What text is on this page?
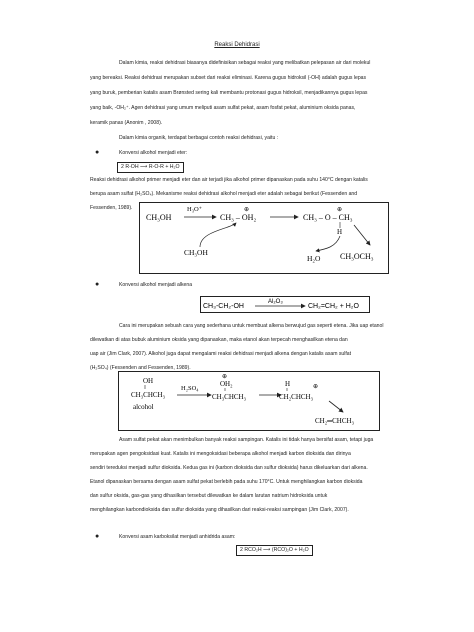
Reaksi Dehidrasi
Dalam kimia, reaksi dehidrasi biasanya didefinisikan sebagai reaksi yang melibatkan pelepasan air dari molekul
yang bereaksi. Reaksi dehidrasi merupakan subset dari reaksi eliminasi. Karena gugus hidroksil (-OH) adalah gugus lepas
yang buruk, pemberian katalis asam Brønsted sering kali membantu protonasi gugus hidroksil, menjadikannya gugus lepas
yang baik, -OH₂⁺. Agen dehidrasi yang umum meliputi asam sulfat pekat, asam fosfat pekat, aluminium oksida panas,
keramik panas (Anonim , 2008).
Dalam kimia organik, terdapat berbagai contoh reaksi dehidrasi, yaitu :
●	Konversi alkohol menjadi eter:
2 R-OH ⟶ R-O-R + H₂O
Reaksi dehidrasi alkohol primer menjadi eter dan air terjadi jika alkohol primer dipanaskan pada suhu 140°C dengan katalis
berupa asam sulfat (H₂SO₄). Mekanisme reaksi dehidrasi alkohol menjadi eter adalah sebagai berikut (Fessenden and
Fessenden, 1989).
CH₃OH
H₃O⁺
CH₃ – OH₂
⊕
CH₃OH
CH₃ – O – CH₃
⊕
H
H₂O CH₃OCH₃
●	Konversi alkohol menjadi alkena
CH₃-CH₂-OH
Al₂O₃
CH₂=CH₂ + H₂O
Cara ini merupakan sebuah cara yang sederhana untuk membuat alkena berwujud gas seperti etena. Jika uap etanol
dilewatkan di atas bubuk aluminium oksida yang dipanaskan, maka etanol akan terpecah menghasilkan etena dan
uap air (Jim Clark, 2007). Alkohol juga dapat mengalami reaksi dehidrasi menjadi alkena dengan katalis asam sulfat
(H₂SO₄) (Fessenden and Fessenden, 1989).
OH
CH₃CHCH₃
alcohol
H₂SO₄
⊕
OH₂
CH₃CHCH₃
H	⊕
CH₂CHCH₃
CH₂═CHCH₃
Asam sulfat pekat akan menimbulkan banyak reaksi sampingan. Katalis ini tidak hanya bersifat asam, tetapi juga
merupakan agen pengoksidasi kuat. Katalis ini mengoksidasi beberapa alkohol menjadi karbon dioksida dan dirinya
sendiri tereduksi menjadi sulfur dioksida. Kedua gas ini (karbon dioksida dan sulfur dioksida) harus dikeluarkan dari alkena.
Etanol dipanaskan bersama dengan asam sulfat pekat berlebih pada suhu 170°C. Untuk menghilangkan karbon dioksida
dan sulfur oksida, gas-gas yang dihasilkan tersebut dilewatkan ke dalam larutan natrium hidroksida untuk
menghilangkan karbondioksida dan sulfur dioksida yang dihasilkan dari reaksi-reaksi sampingan (Jim Clark, 2007).
●	Konversi asam karboksilat menjadi anhidrida asam:
2 RCO₂H ⟶ (RCO)₂O + H₂O
